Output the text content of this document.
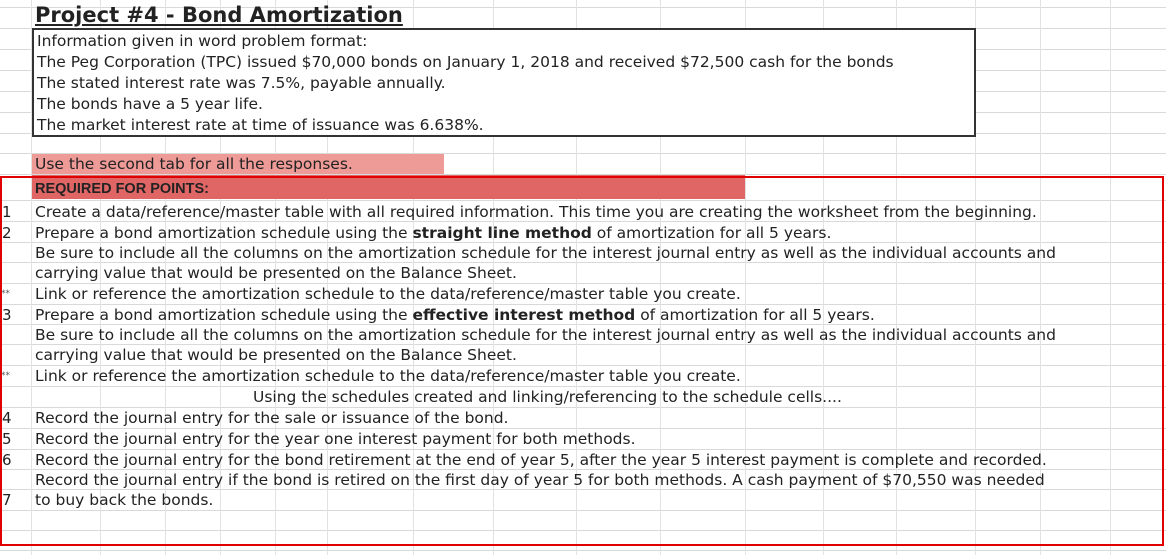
Project #4 - Bond Amortization
Information given in word problem format:
The Peg Corporation (TPC) issued $70,000 bonds on January 1, 2018 and received $72,500 cash for the bonds
The stated interest rate was 7.5%, payable annually.
The bonds have a 5 year life.
The market interest rate at time of issuance was 6.638%.
Use the second tab for all the responses.
REQUIRED FOR POINTS:
1 Create a data/reference/master table with all required information. This time you are creating the worksheet from the beginning.
2 Prepare a bond amortization schedule using the straight line method of amortization for all 5 years.
Be sure to include all the columns on the amortization schedule for the interest journal entry as well as the individual accounts and
carrying value that would be presented on the Balance Sheet.
** Link or reference the amortization schedule to the data/reference/master table you create.
3 Prepare a bond amortization schedule using the effective interest method of amortization for all 5 years.
Be sure to include all the columns on the amortization schedule for the interest journal entry as well as the individual accounts and
carrying value that would be presented on the Balance Sheet.
** Link or reference the amortization schedule to the data/reference/master table you create.
Using the schedules created and linking/referencing to the schedule cells....
4 Record the journal entry for the sale or issuance of the bond.
5 Record the journal entry for the year one interest payment for both methods.
6 Record the journal entry for the bond retirement at the end of year 5, after the year 5 interest payment is complete and recorded.
Record the journal entry if the bond is retired on the first day of year 5 for both methods. A cash payment of $70,550 was needed
7 to buy back the bonds.
